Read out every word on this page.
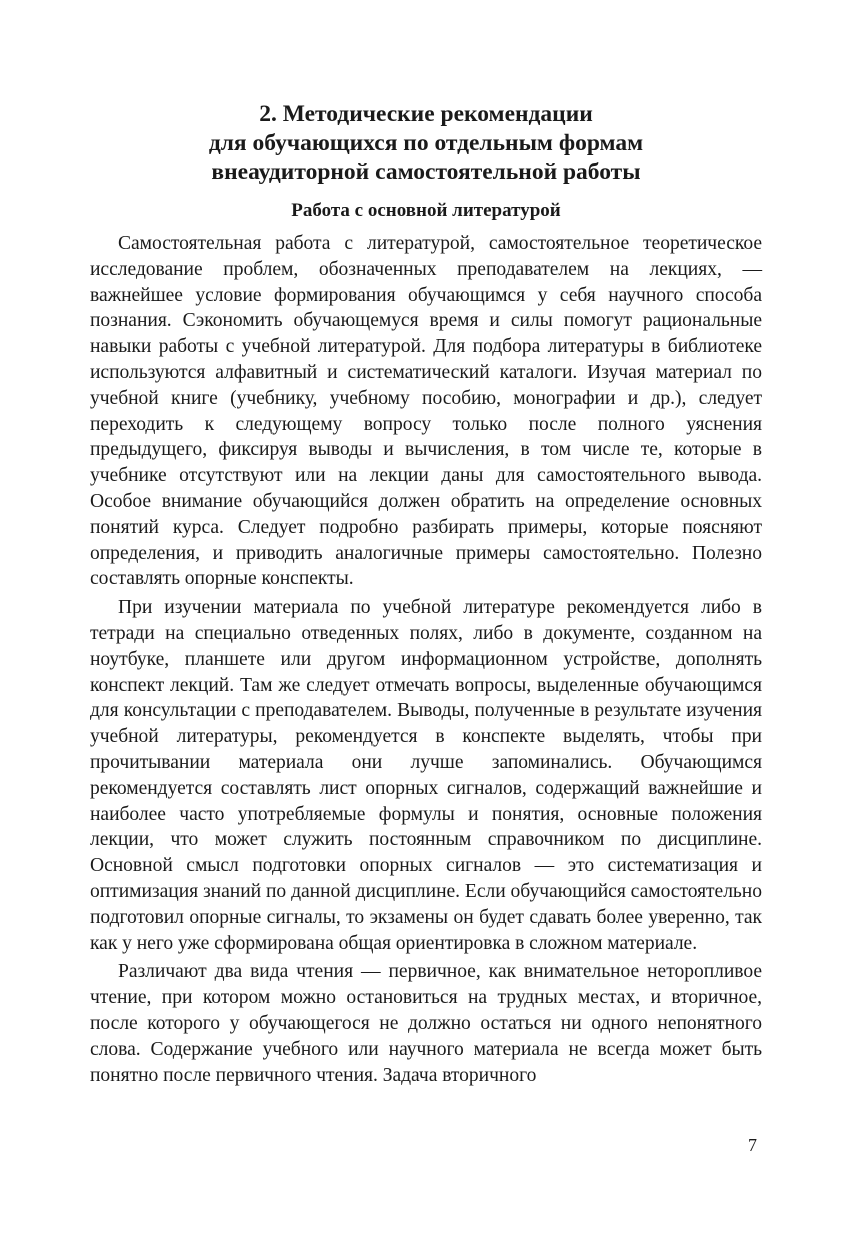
2. Методические рекомендации
для обучающихся по отдельным формам
внеаудиторной самостоятельной работы
Работа с основной литературой

Самостоятельная работа с литературой, самостоятельное теоретическое исследование проблем, обозначенных преподавателем на лекциях, — важнейшее условие формирования обучающимся у себя научного способа познания. Сэкономить обучающемуся время и силы помогут рациональные навыки работы с учебной литературой. Для подбора литературы в библиотеке используются алфавитный и систематический каталоги. Изучая материал по учебной книге (учебнику, учебному пособию, монографии и др.), следует переходить к следующему вопросу только после полного уяснения предыдущего, фиксируя выводы и вычисления, в том числе те, которые в учебнике отсутствуют или на лекции даны для самостоятельного вывода. Особое внимание обучающийся должен обратить на определение основных понятий курса. Следует подробно разбирать примеры, которые поясняют определения, и приводить аналогичные примеры самостоятельно. Полезно составлять опорные конспекты.

При изучении материала по учебной литературе рекомендуется либо в тетради на специально отведенных полях, либо в документе, созданном на ноутбуке, планшете или другом информационном устройстве, дополнять конспект лекций. Там же следует отмечать вопросы, выделенные обучающимся для консультации с преподавателем. Выводы, полученные в результате изучения учебной литературы, рекомендуется в конспекте выделять, чтобы при прочитывании материала они лучше запоминались. Обучающимся рекомендуется составлять лист опорных сигналов, содержащий важнейшие и наиболее часто употребляемые формулы и понятия, основные положения лекции, что может служить постоянным справочником по дисциплине. Основной смысл подготовки опорных сигналов — это систематизация и оптимизация знаний по данной дисциплине. Если обучающийся самостоятельно подготовил опорные сигналы, то экзамены он будет сдавать более уверенно, так как у него уже сформирована общая ориентировка в сложном материале.

Различают два вида чтения — первичное, как внимательное неторопливое чтение, при котором можно остановиться на трудных местах, и вторичное, после которого у обучающегося не должно остаться ни одного непонятного слова. Содержание учебного или научного материала не всегда может быть понятно после первичного чтения. Задача вторичного

7
